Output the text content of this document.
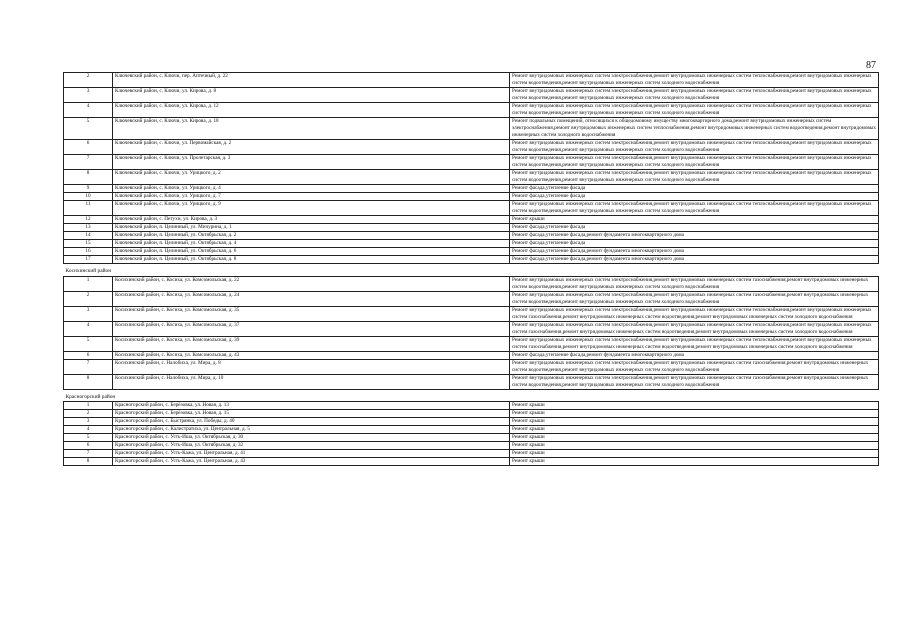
87
2	Ключевский район, с. Ключи, пер. Аптечный, д. 22	Ремонт внутридомовых инженерных систем электроснабжения,ремонт внутридомовых инженерных систем теплоснабжения,ремонт внутридомовых инженерных систем водоотведения,ремонт внутридомовых инженерных систем холодного водоснабжения
3	Ключевский район, с. Ключи, ул. Кирова, д. 8	Ремонт внутридомовых инженерных систем электроснабжения,ремонт внутридомовых инженерных систем теплоснабжения,ремонт внутридомовых инженерных систем водоотведения,ремонт внутридомовых инженерных систем холодного водоснабжения
4	Ключевский район, с. Ключи, ул. Кирова, д. 12	Ремонт внутридомовых инженерных систем электроснабжения,ремонт внутридомовых инженерных систем теплоснабжения,ремонт внутридомовых инженерных систем водоотведения,ремонт внутридомовых инженерных систем холодного водоснабжения
5	Ключевский район, с. Ключи, ул. Кирова, д. 18	Ремонт подвальных помещений, относящихся к общедомовому имуществу многоквартирного дома,ремонт внутридомовых инженерных систем электроснабжения,ремонт внутридомовых инженерных систем теплоснабжения,ремонт внутридомовых инженерных систем водоотведения,ремонт внутридомовых инженерных систем холодного водоснабжения
6	Ключевский район, с. Ключи, ул. Первомайская, д. 2	Ремонт внутридомовых инженерных систем электроснабжения,ремонт внутридомовых инженерных систем теплоснабжения,ремонт внутридомовых инженерных систем водоотведения,ремонт внутридомовых инженерных систем холодного водоснабжения
7	Ключевский район, с. Ключи, ул. Пролетарская, д. 3	Ремонт внутридомовых инженерных систем электроснабжения,ремонт внутридомовых инженерных систем теплоснабжения,ремонт внутридомовых инженерных систем водоотведения,ремонт внутридомовых инженерных систем холодного водоснабжения
8	Ключевский район, с. Ключи, ул. Урицкого, д. 2	Ремонт внутридомовых инженерных систем электроснабжения,ремонт внутридомовых инженерных систем теплоснабжения,ремонт внутридомовых инженерных систем водоотведения,ремонт внутридомовых инженерных систем холодного водоснабжения
9	Ключевский район, с. Ключи, ул. Урицкого, д. 4	Ремонт фасада,утепление фасада
10	Ключевский район, с. Ключи, ул. Урицкого, д. 7	Ремонт фасада,утепление фасада
11	Ключевский район, с. Ключи, ул. Урицкого, д. 9	Ремонт внутридомовых инженерных систем электроснабжения,ремонт внутридомовых инженерных систем теплоснабжения,ремонт внутридомовых инженерных систем водоотведения,ремонт внутридомовых инженерных систем холодного водоснабжения
12	Ключевский район, с. Петухи, ул. Кирова, д. 3	Ремонт крыши
13	Ключевский район, п. Целинный, ул. Мичурина, д. 1	Ремонт фасада,утепление фасада
14	Ключевский район, п. Целинный, ул. Октябрьская, д. 2	Ремонт фасада,утепление фасада,ремонт фундамента многоквартирного дома
15	Ключевский район, п. Целинный, ул. Октябрьская, д. 4	Ремонт фасада,утепление фасада
16	Ключевский район, п. Целинный, ул. Октябрьская, д. 6	Ремонт фасада,утепление фасада,ремонт фундамента многоквартирного дома
17	Ключевский район, п. Целинный, ул. Октябрьская, д. 8	Ремонт фасада,утепление фасада,ремонт фундамента многоквартирного дома
Косихинский район		
1	Косихинский район, с. Косиха, ул. Комсомольская, д. 22	Ремонт внутридомовых инженерных систем электроснабжения,ремонт внутридомовых инженерных систем газоснабжения,ремонт внутридомовых инженерных систем водоотведения,ремонт внутридомовых инженерных систем холодного водоснабжения
2	Косихинский район, с. Косиха, ул. Комсомольская, д. 24	Ремонт внутридомовых инженерных систем электроснабжения,ремонт внутридомовых инженерных систем газоснабжения,ремонт внутридомовых инженерных систем водоотведения,ремонт внутридомовых инженерных систем холодного водоснабжения
3	Косихинский район, с. Косиха, ул. Комсомольская, д. 35	Ремонт внутридомовых инженерных систем электроснабжения,ремонт внутридомовых инженерных систем теплоснабжения,ремонт внутридомовых инженерных систем газоснабжения,ремонт внутридомовых инженерных систем водоотведения,ремонт внутридомовых инженерных систем холодного водоснабжения
4	Косихинский район, с. Косиха, ул. Комсомольская, д. 37	Ремонт внутридомовых инженерных систем электроснабжения,ремонт внутридомовых инженерных систем теплоснабжения,ремонт внутридомовых инженерных систем газоснабжения,ремонт внутридомовых инженерных систем водоотведения,ремонт внутридомовых инженерных систем холодного водоснабжения
5	Косихинский район, с. Косиха, ул. Комсомольская, д. 39	Ремонт внутридомовых инженерных систем электроснабжения,ремонт внутридомовых инженерных систем теплоснабжения,ремонт внутридомовых инженерных систем газоснабжения,ремонт внутридомовых инженерных систем водоотведения,ремонт внутридомовых инженерных систем холодного водоснабжения
6	Косихинский район, с. Косиха, ул. Комсомольская, д. 43	Ремонт фасада,утепление фасада,ремонт фундамента многоквартирного дома
7	Косихинский район, с. Налобиха, ул. Мира, д. 8	Ремонт внутридомовых инженерных систем электроснабжения,ремонт внутридомовых инженерных систем газоснабжения,ремонт внутридомовых инженерных систем водоотведения,ремонт внутридомовых инженерных систем холодного водоснабжения
8	Косихинский район, с. Налобиха, ул. Мира, д. 10	Ремонт внутридомовых инженерных систем электроснабжения,ремонт внутридомовых инженерных систем газоснабжения,ремонт внутридомовых инженерных систем водоотведения,ремонт внутридомовых инженерных систем холодного водоснабжения
Красногорский район		
1	Красногорский район, с. Берёзовка, ул. Новая, д. 13	Ремонт крыши
2	Красногорский район, с. Берёзовка, ул. Новая, д. 15	Ремонт крыши
3	Красногорский район, с. Быстрянка, ул. Победы, д. 40	Ремонт крыши
4	Красногорский район, с. Калистратиха, ул. Центральная, д. 5	Ремонт крыши
5	Красногорский район, с. Усть-Иша, ул. Октябрьская, д. 30	Ремонт крыши
6	Красногорский район, с. Усть-Иша, ул. Октябрьская, д. 32	Ремонт крыши
7	Красногорский район, с. Усть-Кажа, ул. Центральная, д. 41	Ремонт крыши
8	Красногорский район, с. Усть-Кажа, ул. Центральная, д. 43	Ремонт крыши
